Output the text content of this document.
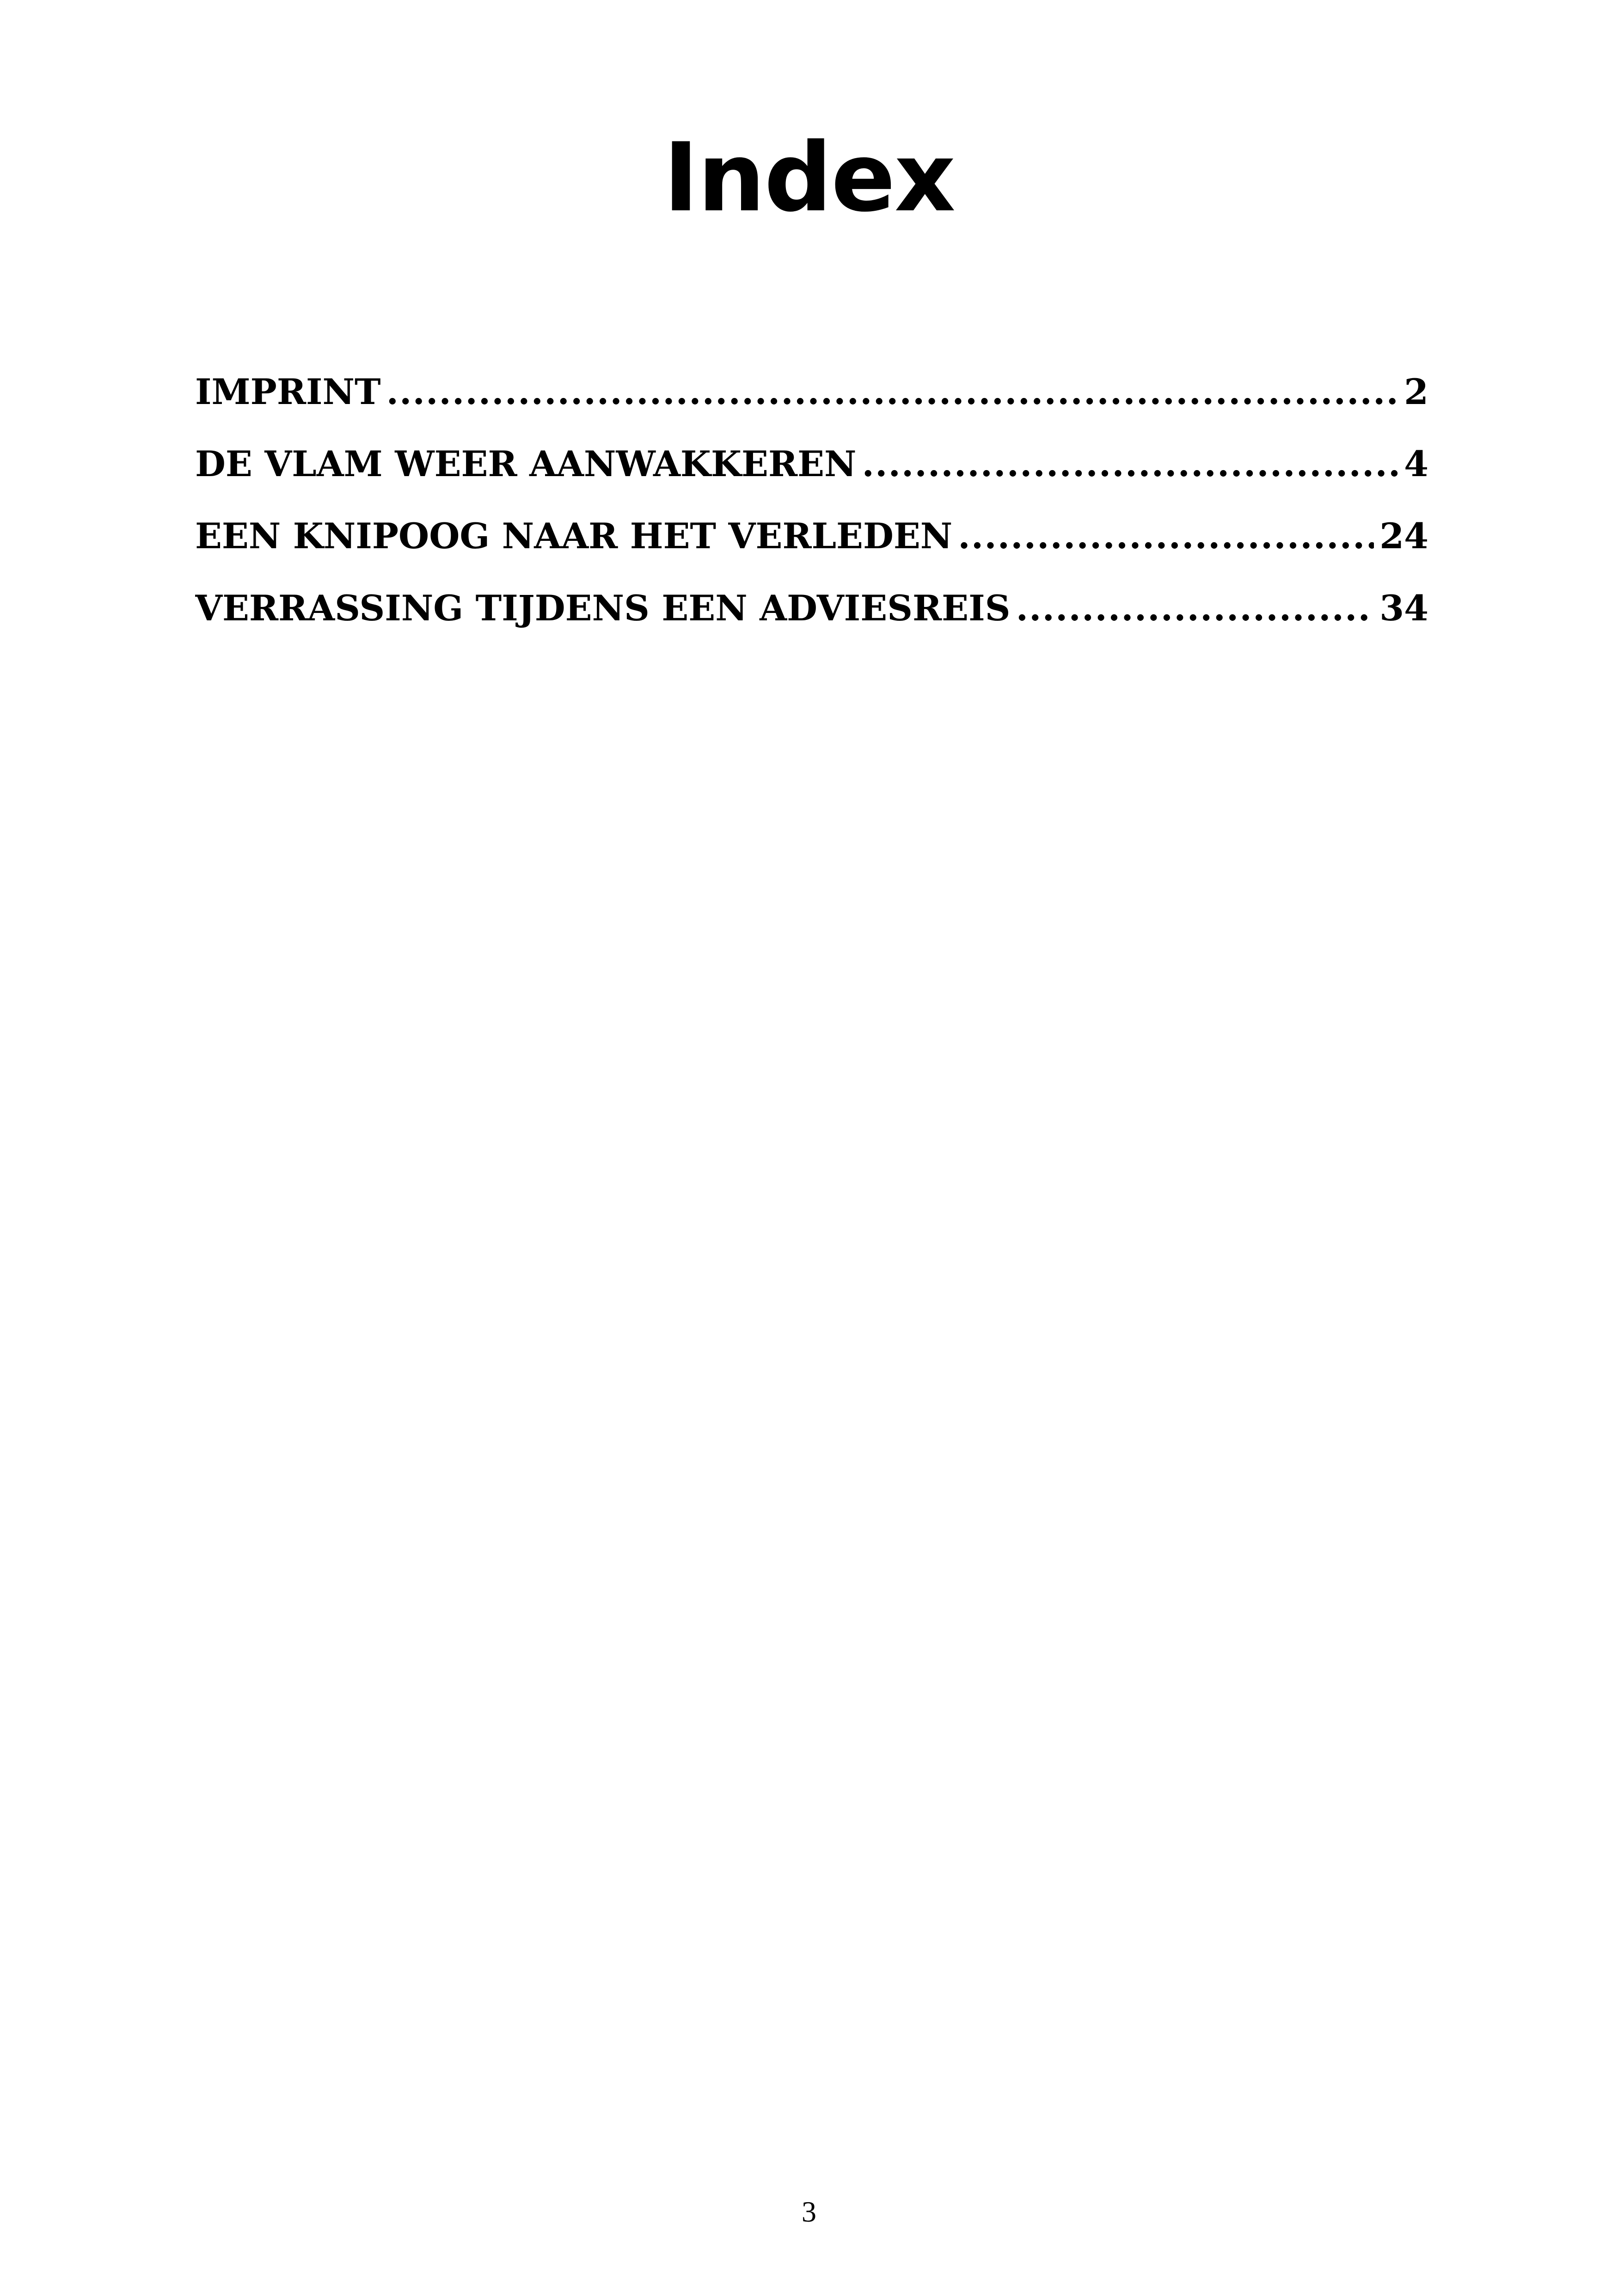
Index
IMPRINT .....	2
DE VLAM WEER AANWAKKEREN .....	4
EEN KNIPOOG NAAR HET VERLEDEN .....	24
VERRASSING TIJDENS EEN ADVIESREIS .....	34
3
